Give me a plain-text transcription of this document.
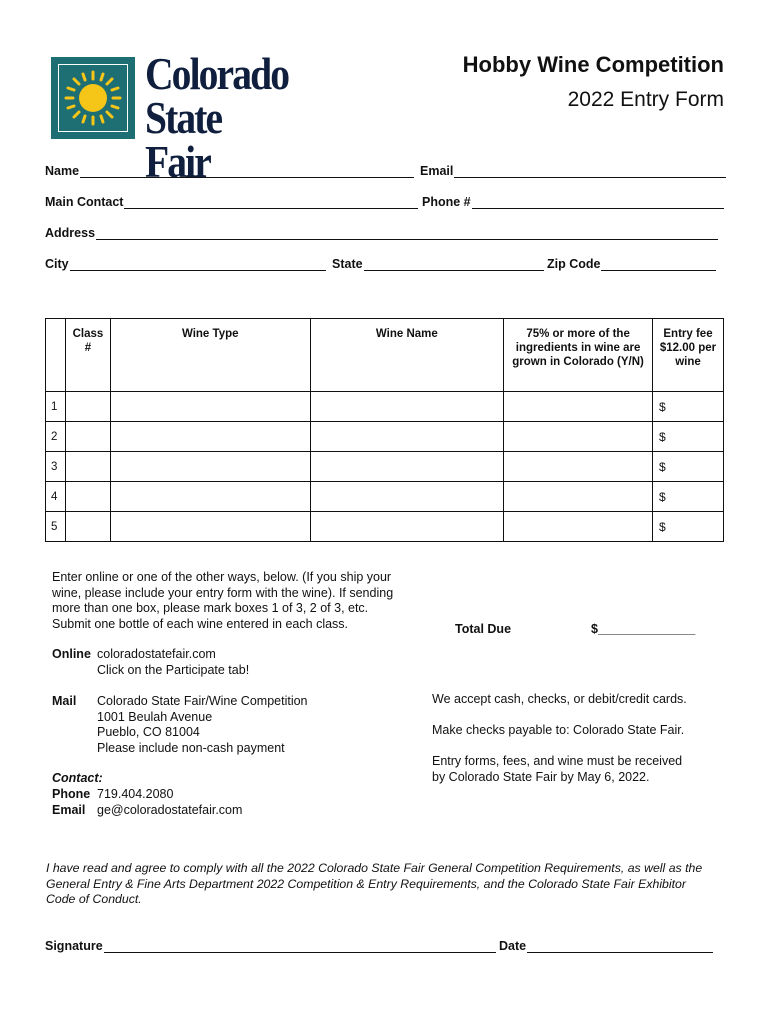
Colorado
State Fair
Hobby Wine Competition
2022 Entry Form
Name	Email
Main Contact	Phone #
Address
City	State	Zip Code
	Class #	Wine Type	Wine Name	75% or more of the ingredients in wine are grown in Colorado (Y/N)	Entry fee $12.00 per wine
1					$
2					$
3					$
4					$
5					$
Enter online or one of the other ways, below. (If you ship your
wine, please include your entry form with the wine). If sending
more than one box, please mark boxes 1 of 3, 2 of 3, etc.
Submit one bottle of each wine entered in each class.	Total Due	$______________
Online coloradostatefair.com
Click on the Participate tab!
Mail Colorado State Fair/Wine Competition
1001 Beulah Avenue
Pueblo, CO 81004
Please include non-cash payment
We accept cash, checks, or debit/credit cards.
Make checks payable to: Colorado State Fair.
Entry forms, fees, and wine must be received
by Colorado State Fair by May 6, 2022.
Contact:
Phone 719.404.2080
Email ge@coloradostatefair.com
I have read and agree to comply with all the 2022 Colorado State Fair General Competition Requirements, as well as the
General Entry & Fine Arts Department 2022 Competition & Entry Requirements, and the Colorado State Fair Exhibitor
Code of Conduct.
Signature	Date
